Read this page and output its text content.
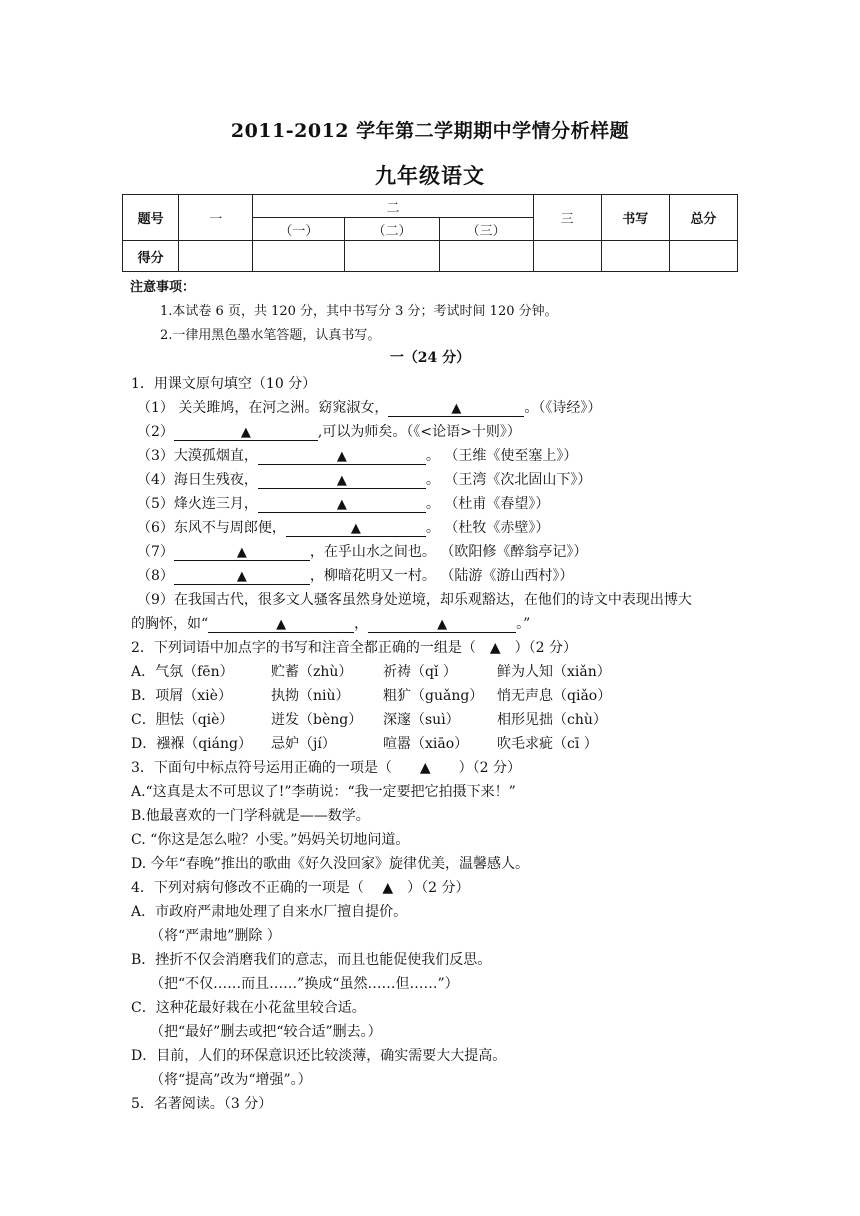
2011-2012 学年第二学期期中学情分析样题
九年级语文
题号	一	二			三	书写	总分
		（一）	（二）	（三）			
得分							
注意事项：
1.本试卷 6 页，共 120 分，其中书写分 3 分；考试时间 120 分钟。
2.一律用黑色墨水笔答题，认真书写。
一（24 分）
1．用课文原句填空（10 分）
（1） 关关雎鸠，在河之洲。窈窕淑女，	▲	。（《诗经》）
（2）	▲	,可以为师矣。（《<论语>十则》）
（3）大漠孤烟直，	▲	。 （王维《使至塞上》）
（4）海日生残夜，	▲	。 （王湾《次北固山下》）
（5）烽火连三月，	▲	。 （杜甫《春望》）
（6）东风不与周郎便，	▲	。 （杜牧《赤壁》）
（7）	▲	，在乎山水之间也。 （欧阳修《醉翁亭记》）
（8）	▲	，柳暗花明又一村。 （陆游《游山西村》）
（9）在我国古代，很多文人骚客虽然身处逆境，却乐观豁达，在他们的诗文中表现出博大
的胸怀，如“	▲	，	▲	。”
2．下列词语中加点字的书写和注音全都正确的一组是（　▲　）（2 分）
A．气氛（fēn）	贮蓄（zhù） 祈祷（qǐ ）	鲜为人知（xiǎn）
B．项屑（xiè）	执拗（niù） 粗犷（guǎng） 悄无声息（qiǎo）
C．胆怯（qiè）	迸发（bèng） 深邃（suì）	相形见拙（chù）
D．襁褓（qiáng） 忌妒（jí）	喧嚣（xiāo） 吹毛求疵（cī ）
3．下面句中标点符号运用正确的一项是（　　▲　　）（2 分）
A.“这真是太不可思议了!”李萌说：“我一定要把它拍摄下来！”
B.他最喜欢的一门学科就是——数学。
C. “你这是怎么啦？小雯。”妈妈关切地问道。
D. 今年“春晚”推出的歌曲《好久没回家》旋律优美，温馨感人。
4．下列对病句修改不正确的一项是（　 ▲　）（2 分）
A．市政府严肃地处理了自来水厂擅自提价。
（将“严肃地”删除 ）
B．挫折不仅会消磨我们的意志，而且也能促使我们反思。
（把“不仅……而且……”换成“虽然……但……”）
C．这种花最好栽在小花盆里较合适。
（把“最好”删去或把“较合适”删去。）
D．目前，人们的环保意识还比较淡薄，确实需要大大提高。
（将“提高”改为“增强”。）
5．名著阅读。（3 分）
